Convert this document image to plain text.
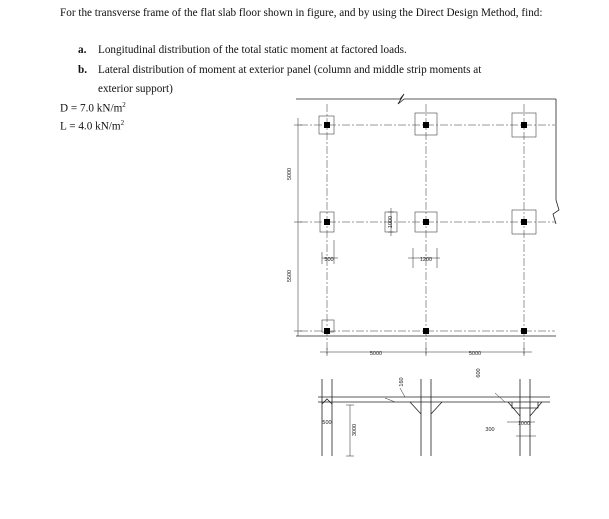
For the transverse frame of the flat slab floor shown in figure, and by using the Direct Design Method, find:
a. Longitudinal distribution of the total static moment at factored loads.
b. Lateral distribution of moment at exterior panel (column and middle strip moments at
exterior support)
D = 7.0 $kN/m^2$
L = 4.0 $kN/m^2$
5000
5500
1000
500	1200
5000	5000
500
3000
160
600
300
1000
